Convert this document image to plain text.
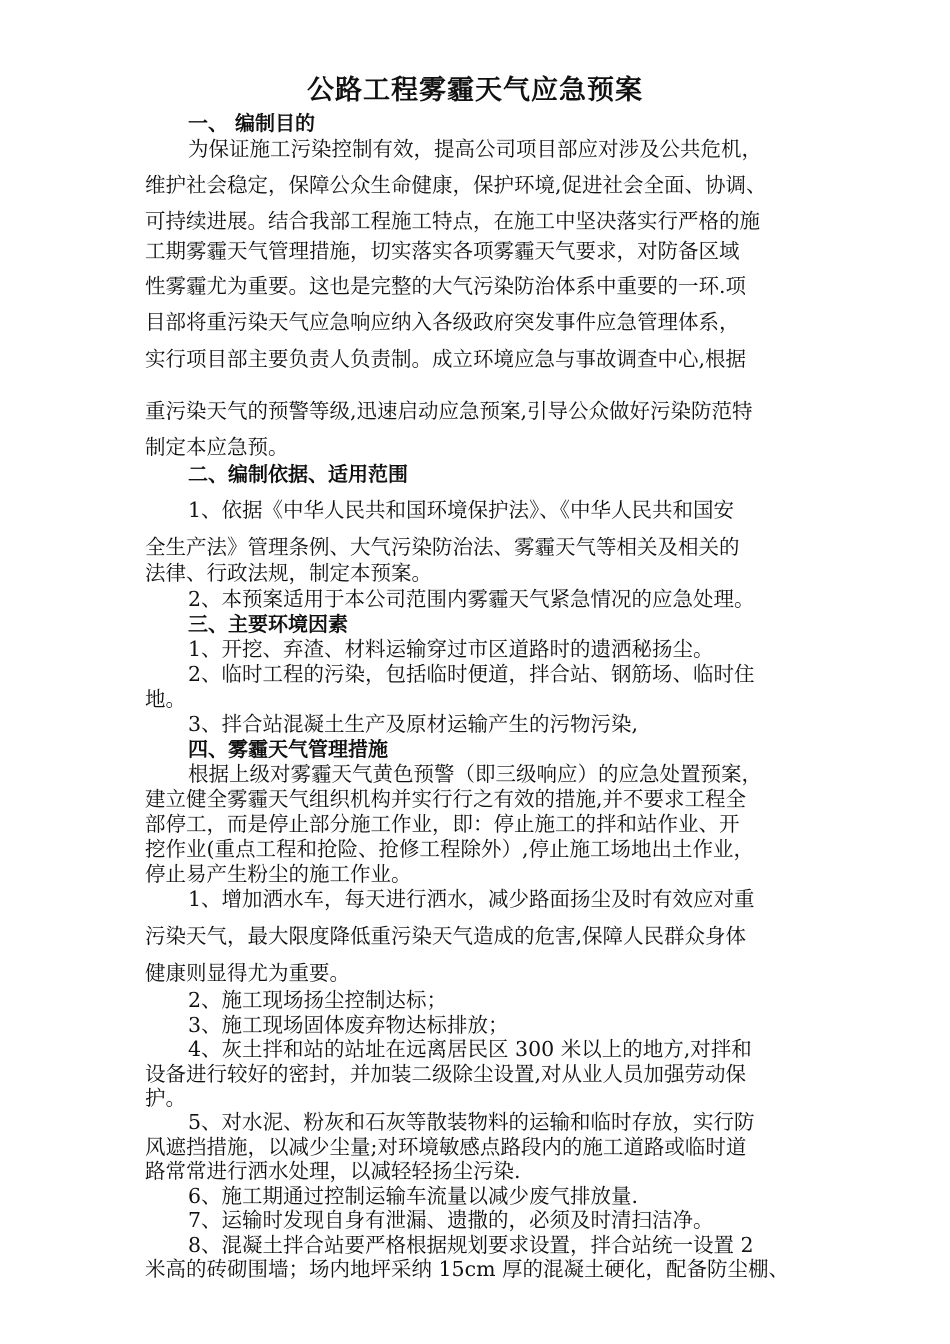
公路工程雾霾天气应急预案
一、 编制目的
为保证施工污染控制有效，提高公司项目部应对涉及公共危机，
维护社会稳定，保障公众生命健康，保护环境,促进社会全面、协调、
可持续进展。结合我部工程施工特点，在施工中坚决落实行严格的施
工期雾霾天气管理措施，切实落实各项雾霾天气要求，对防备区域
性雾霾尤为重要。这也是完整的大气污染防治体系中重要的一环.项
目部将重污染天气应急响应纳入各级政府突发事件应急管理体系，
实行项目部主要负责人负责制。成立环境应急与事故调查中心,根据
重污染天气的预警等级,迅速启动应急预案,引导公众做好污染防范特
制定本应急预。
二、编制依据、适用范围
1、依据《中华人民共和国环境保护法》、《中华人民共和国安
全生产法》管理条例、大气污染防治法、雾霾天气等相关及相关的
法律、行政法规，制定本预案。
2、本预案适用于本公司范围内雾霾天气紧急情况的应急处理。
三、主要环境因素
1、开挖、弃渣、材料运输穿过市区道路时的遗洒秘扬尘。
2、临时工程的污染，包括临时便道，拌合站、钢筋场、临时住
地。
3、拌合站混凝土生产及原材运输产生的污物污染,
四、雾霾天气管理措施
根据上级对雾霾天气黄色预警（即三级响应）的应急处置预案，
建立健全雾霾天气组织机构并实行行之有效的措施,并不要求工程全
部停工，而是停止部分施工作业，即：停止施工的拌和站作业、开
挖作业(重点工程和抢险、抢修工程除外）,停止施工场地出土作业，
停止易产生粉尘的施工作业。
1、增加洒水车，每天进行洒水，减少路面扬尘及时有效应对重
污染天气，最大限度降低重污染天气造成的危害,保障人民群众身体
健康则显得尤为重要。
2、施工现场扬尘控制达标；
3、施工现场固体废弃物达标排放；
4、灰土拌和站的站址在远离居民区 300 米以上的地方,对拌和
设备进行较好的密封，并加装二级除尘设置,对从业人员加强劳动保
护。
5、对水泥、粉灰和石灰等散装物料的运输和临时存放，实行防
风遮挡措施，以减少尘量;对环境敏感点路段内的施工道路或临时道
路常常进行洒水处理，以减轻轻扬尘污染.
6、施工期通过控制运输车流量以减少废气排放量.
7、运输时发现自身有泄漏、遗撒的，必须及时清扫洁净。
8、混凝土拌合站要严格根据规划要求设置，拌合站统一设置 2
米高的砖砌围墙；场内地坪采纳 15cm 厚的混凝土硬化，配备防尘棚、
